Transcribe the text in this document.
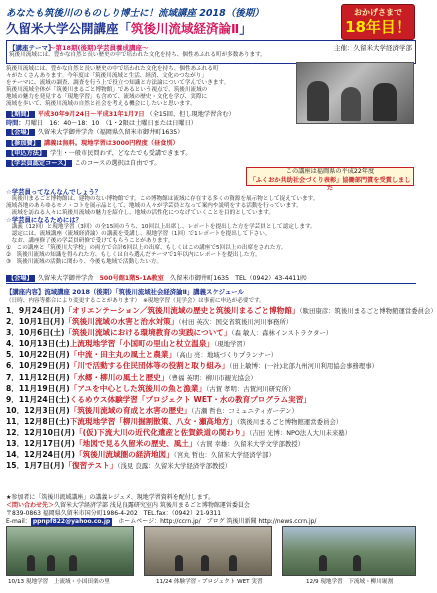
あなたも筑後川のものしり博士に！流域講座 2018（後期）
久留米大学公開講座「筑後川流域経済論Ⅱ」
おかげさまで
18年目！
【講座テーマ】
～第18期(後期)学芸員養成講座～	主催：久留米大学経済学部
筑後川流域には、豊かな自然と長い歴史の中で培われた文化を持ち、個性あふれる町が多数あります。

筑後川流域には、豊かな自然と長い歴史の中で培われた文化を持ち、個性あふれる町

々がたくさんあります。今年度は「筑後川流域と生活、経済、文化のつながり」

をテーマに、流域の調査、調査を行う上で役立つ知識と方法論について学んでいきます。

筑後川流域全体が「筑後川まるごと博物館」であるという視点で、筑後川流域の

地域の魅力を発見する「現地学習」も含めて、流域の歴史・文化を学び、実際に

流域を歩いて、筑後川流域の自然と社会を考える機会にしたいと思います。

【期間】 平成30年9月24日～平成31年1月7日 （全15回、但し現地学習含む）
時間：月曜日　16：40～18：10　（1・2限は土曜日または日曜日）
【会場】 久留米大学御井学舎（福岡県久留米市御井町1635）
【参加費】 講義は無料。現地学習は3000円程度（昼食別）
【申込方法】 学生・一般市民問わず、どなたでも受講できます。
【学芸員認定コース】 このコースの選択は自由です。
この講座は福岡県の平成22年度
「ふくおか共助社会づくり表彰」協働部門賞を受賞しました

☆学芸員ってなんなんでしょう？

　筑後川まるごと博物館は、建物のない博物館です。この博物館は流域に存在する多くの資源を展示物として捉えています。

流域各地のあらゆるモノ・コトを展示品として、地域の人々が学芸員となって案内や説明をする活動を行っています。

　流域を訪ねる人々に筑後川流域の魅力を紹介し、地域の活性化につなげていくことを目的としています。

☆学芸員になるためには？

　講義（12回）と現地学習（3回）の全15回のうち、10回以上出席し、レポートを提出した方を学芸員として認定します。

　認定には、流域講座（流域経済論）の講義を受講し、現地学習（1回）で1レポートを提出して下さい。

　なお、講座修了後の学芸員研修で受けてもらうことがあります。

①　この講座と「筑後川大学校」の両方で合計6回以上の出席、もしくはこの講座で5回以上の出席をされた方。

②　筑後川流域の知識を得られた方、もしくは自ら選んだテーマで1年以内にレポートを提出した方。

③　筑後川流域の活動に関わり、今後も地域で活動したい方。

【会場】 久留米大学御井学舎　 500号館1階5-1A教室　 久留米市御井町1635　TEL（0942）43-4411㈹
【講座内容】流域講座 2018（後期）「筑後川流域社会経済論Ⅱ」講義スケジュール
（日時、内容等都合により変更することがあります）　 ※現地学習（見学会）は事前に申込が必要です。
1．9月24日(月)「オリエンテーション／筑後川流域の歴史と筑後川まるごと博物館」（駄田康彦：筑後川まるごと博物館運営委員会）
2．10月1日(月)「筑後川流域の水害と治水対策」（村田 英次：国交省筑後川河川事務所）
3．10月6日(土)「筑後川流域における環境教育の実践について」（森 敏人：森林インストラクター）
4．10月13日(土)上流現地学習「小国町の里山と杖立温泉」（現地学習）
5．10月22日(月)「中流・田主丸の風土と農業」（高山 亮：地域づくりプランナー）
6．10月29日(月)「川で活動する住民団体等の役割と取り組み」（田上敏博：(一社)北部九州河川利用協会事務理事）
7．11月12日(月)「水郷・柳川の風土と歴史」（豊福 英明：柳川市観光協会）
8．11月19日(月)「アユを中心とした筑後川の魚と漁業」（古賀 孝明：古賀河川研究所）
9．11月24日(土)くるめウス体験学習「プロジェクト WET・水の教育プログラム実習」
10．12月3日(月)「筑後川流域の育成と水害の歴史」（吉瀬 哲也：コミュニティガーデン）
11．12月8日(土)下流現地学習「柳川掘割散策、八女・瀬高地方」（筑後川まるごと博物館運営委員会）
12．12月10日(月)「(仮)下流大川の近代化遺産と佐賀鉄道の関わり」（吉田 光博：NPO法人大川未来塾）
13．12月17日(月)「地図で見る久留米の歴史、風土」（古賀 幸雄：久留米大学文学部教授）
14．12月24日(月)「筑後川流域圏の経済地図」（宮丸 哲也：久留米大学経済学部）
15．1月7日(月)「復習テスト」（浅見 良露：久留米大学経済学部教授）

★参加者に「筑後川流域講座」の講義レジュメ、現地学習資料を配付します。

＜問い合わせ先＞久留米大学経済学部 浅見良露研究室内 筑後川まるごと博物館運営委員会

〒839-0863 福岡県久留米市国分町1986-4-202　 TEL.fax：（0942）21-9311

E-mail： ppnpf822@yahoo.co.jp　 ホームページ：http://ccrn.jp/　 ブログ 筑後川新聞 http://news.ccrn.jp/

10/13 現地学習　上流域・小国田楽の里	11/24 体験学習・プロジェクト WET 実習	12/9 現地学習　下流域・柳川堀割
